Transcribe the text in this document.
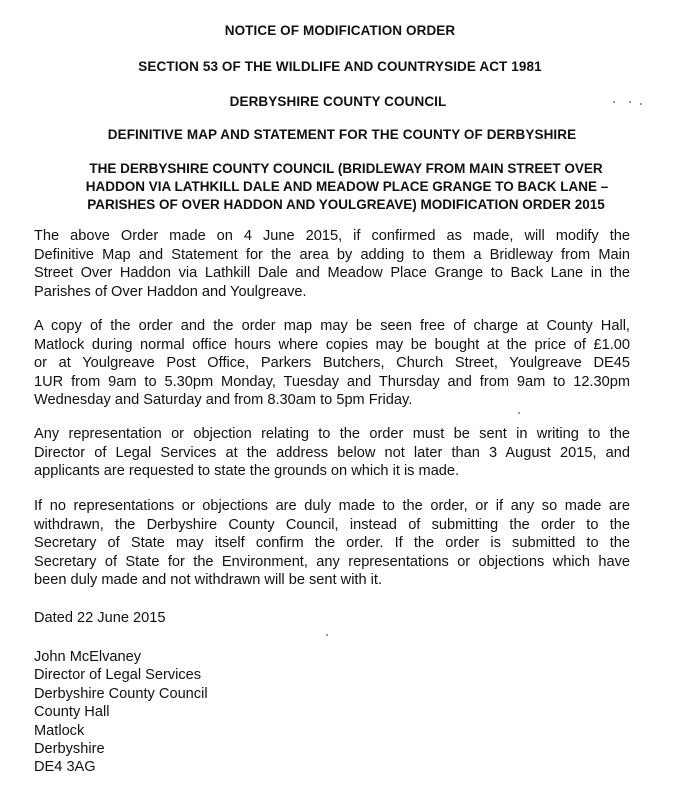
NOTICE OF MODIFICATION ORDER
SECTION 53 OF THE WILDLIFE AND COUNTRYSIDE ACT 1981
DERBYSHIRE COUNTY COUNCIL
DEFINITIVE MAP AND STATEMENT FOR THE COUNTY OF DERBYSHIRE
THE DERBYSHIRE COUNTY COUNCIL (BRIDLEWAY FROM MAIN STREET OVER
HADDON VIA LATHKILL DALE AND MEADOW PLACE GRANGE TO BACK LANE –
PARISHES OF OVER HADDON AND YOULGREAVE) MODIFICATION ORDER 2015
The above Order made on 4 June 2015, if confirmed as made, will modify the
Definitive Map and Statement for the area by adding to them a Bridleway from Main
Street Over Haddon via Lathkill Dale and Meadow Place Grange to Back Lane in the
Parishes of Over Haddon and Youlgreave.
A copy of the order and the order map may be seen free of charge at County Hall,
Matlock during normal office hours where copies may be bought at the price of £1.00
or at Youlgreave Post Office, Parkers Butchers, Church Street, Youlgreave DE45
1UR from 9am to 5.30pm Monday, Tuesday and Thursday and from 9am to 12.30pm
Wednesday and Saturday and from 8.30am to 5pm Friday.
Any representation or objection relating to the order must be sent in writing to the
Director of Legal Services at the address below not later than 3 August 2015, and
applicants are requested to state the grounds on which it is made.
If no representations or objections are duly made to the order, or if any so made are
withdrawn, the Derbyshire County Council, instead of submitting the order to the
Secretary of State may itself confirm the order. If the order is submitted to the
Secretary of State for the Environment, any representations or objections which have
been duly made and not withdrawn will be sent with it.
Dated 22 June 2015
John McElvaney
Director of Legal Services
Derbyshire County Council
County Hall
Matlock
Derbyshire
DE4 3AG
